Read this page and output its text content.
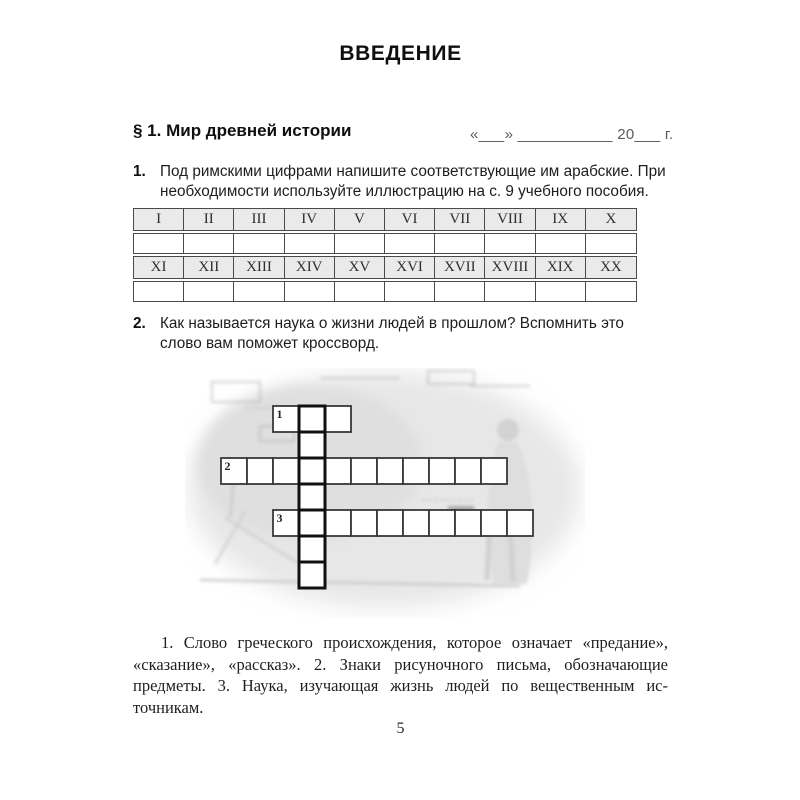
ВВЕДЕНИЕ
§ 1. Мир древней истории	«___» ___________ 20___ г.
1. Под римскими цифрами напишите соответствующие им арабские. При необходимости используйте иллюстрацию на с. 9 учебного пособия.

I	II	III	IV	V	VI	VII	VIII	IX	X
XI	XII	XIII	XIV	XV	XVI	XVII	XVIII	XIX	XX
2. Как называется наука о жизни людей в прошлом? Вспомнить это слово вам поможет кроссворд.

1
2
3

1. Слово греческого происхождения, которое означает «предание», «сказание», «рассказ». 2. Знаки рисуночного письма, обозначающие предметы. 3. Наука, изучающая жизнь людей по вещественным источникам.

5
